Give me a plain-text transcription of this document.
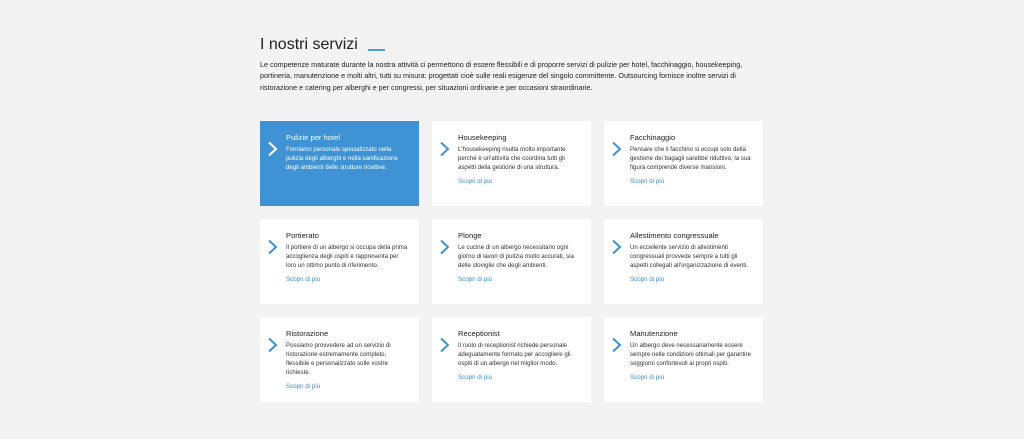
I nostri servizi

Le competenze maturate durante la nostra attività ci permettono di essere flessibili e di proporre servizi di pulizie per hotel, facchinaggio, housekeeping, portineria, manutenzione e molti altri, tutti su misura: progettati cioè sulle reali esigenze del singolo committente. Outsourcing fornisce inoltre servizi di ristorazione e catering per alberghi e per congressi, per situazioni ordinarie e per occasioni straordinarie.

Pulizie per hotel
Forniamo personale specializzato nella pulizia degli alberghi e nella sanificazione degli ambienti delle strutture ricettive.
Housekeeping
L'housekeeping risulta molto importante perché è un'attività che coordina tutti gli aspetti della gestione di una struttura.
Scopri di più
Facchinaggio
Pensare che il facchino si occupi solo della gestione dei bagagli sarebbe riduttivo, la sua figura comprende diverse mansioni.
Scopri di più
Portierato
Il portiere di un albergo si occupa della prima accoglienza degli ospiti e rappresenta per loro un ottimo punto di riferimento.
Scopri di più
Plonge
Le cucine di un albergo necessitano ogni giorno di lavori di pulizia molto accurati, sia delle stoviglie che degli ambienti.
Scopri di più
Allestimento congressuale
Un eccellente servizio di allestimenti congressuali provvede sempre a tutti gli aspetti collegati all'organizzazione di eventi.
Scopri di più
Ristorazione
Possiamo provvedere ad un servizio di ristorazione estremamente completo, flessibile e personalizzato sulle vostre richieste.
Scopri di più
Receptionist
Il ruolo di receptionist richiede personale adeguatamente formato per accogliere gli ospiti di un albergo nel miglior modo.
Scopri di più
Manutenzione
Un albergo deve necessariamente essere sempre nelle condizioni ottimali per garantire soggiorni confortevoli ai propri ospiti.
Scopri di più
